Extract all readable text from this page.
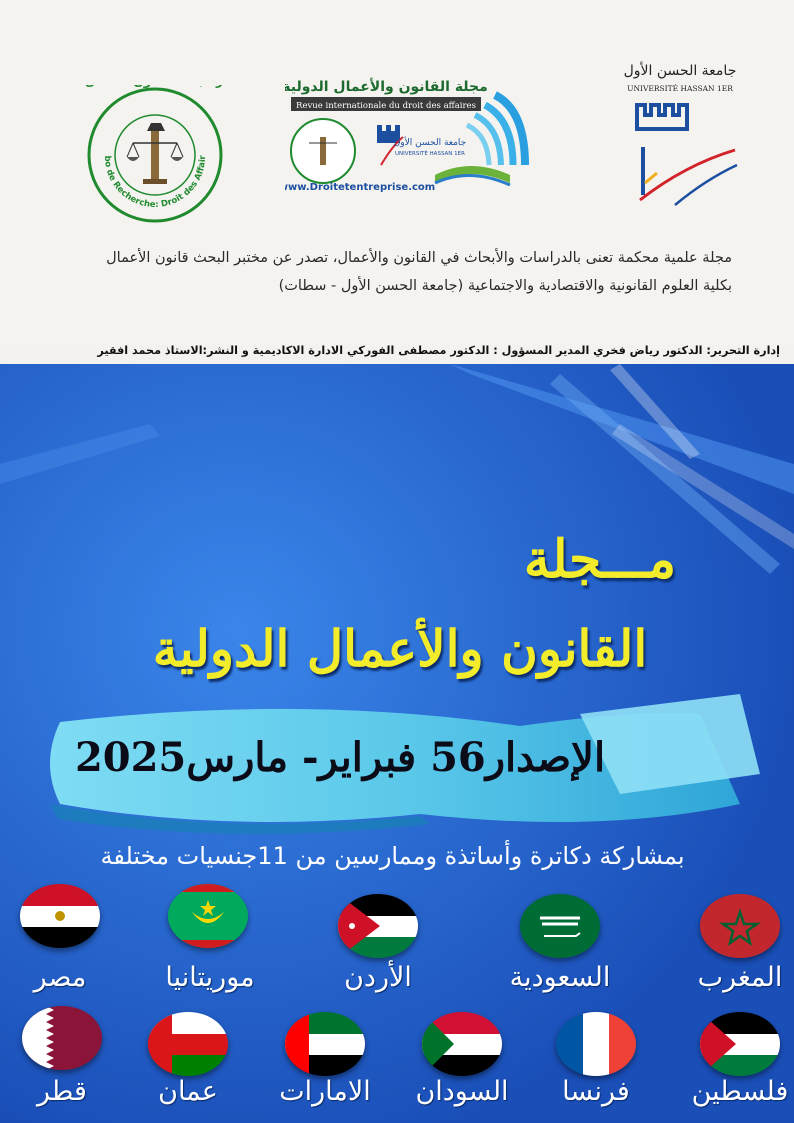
bo de Recherche: Droit des Affaires	مجلة القانون والأعمال الدولية
Revue internationale du droit des affaires
جامعة الحسن الأول
UNIVERSITÉ HASSAN 1ER
www.Droitetentreprise.com
جامعة الحسن الأول
UNIVERSITÉ HASSAN 1ER
مجلة علمية محكمة تعنى بالدراسات والأبحاث في القانون والأعمال، تصدر عن مختبر البحث قانون الأعمال
بكلية العلوم القانونية والاقتصادية والاجتماعية (جامعة الحسن الأول - سطات)
إدارة التحرير: الدكتور رياض فخري المدير المسؤول : الدكتور مصطفى الفوركي الادارة الاكاديمية و النشر:الاستاذ محمد افقير
مـــجلة
القانون والأعمال الدولية
الإصدار56 فبراير- مارس2025
بمشاركة دكاترة وأساتذة وممارسين من 11جنسيات مختلفة
المغرب
السعودية
الأردن
موريتانيا
مصر
فلسطين
فرنسا
السودان
الامارات
عمان
قطر
